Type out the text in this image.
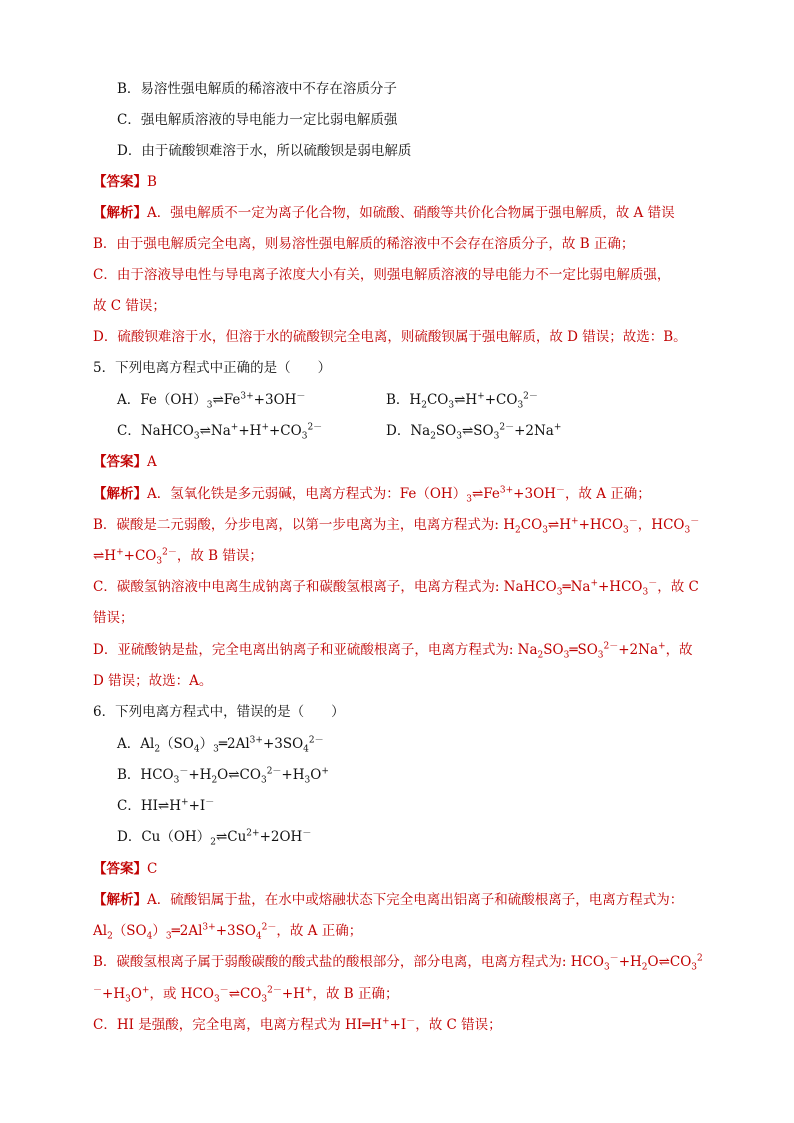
B．易溶性强电解质的稀溶液中不存在溶质分子
C．强电解质溶液的导电能力一定比弱电解质强
D．由于硫酸钡难溶于水，所以硫酸钡是弱电解质
【答案】B
【解析】A．强电解质不一定为离子化合物，如硫酸、硝酸等共价化合物属于强电解质，故 A 错误
B．由于强电解质完全电离，则易溶性强电解质的稀溶液中不会存在溶质分子，故 B 正确；
C．由于溶液导电性与导电离子浓度大小有关，则强电解质溶液的导电能力不一定比弱电解质强，
故 C 错误；
D．硫酸钡难溶于水，但溶于水的硫酸钡完全电离，则硫酸钡属于强电解质，故 D 错误；故选：B。
5．下列电离方程式中正确的是（　　）
A．$Fe(OH)_3\rightleftharpoons Fe^{3+}+3OH^-$	B．$H_2CO_3\rightleftharpoons H^++CO_3^{2-}$
C．$NaHCO_3\rightleftharpoons Na^++H^++CO_3^{2-}$	D．$Na_2SO_3\rightleftharpoons SO_3^{2-}+2Na^+$
【答案】A
【解析】A．氢氧化铁是多元弱碱，电离方程式为：$Fe(OH)_3\rightleftharpoons Fe^{3+}+3OH^-$，故 A 正确；
B．碳酸是二元弱酸，分步电离，以第一步电离为主，电离方程式为: $H_2CO_3\rightleftharpoons H^++HCO_3^-$，$HCO_3^-$
$\rightleftharpoons H^++CO_3^{2-}$，故 B 错误；
C．碳酸氢钠溶液中电离生成钠离子和碳酸氢根离子，电离方程式为: $NaHCO_3═Na^++HCO_3^-$，故 C
错误；
D．亚硫酸钠是盐，完全电离出钠离子和亚硫酸根离子，电离方程式为: $Na_2SO_3═SO_3^{2-}+2Na^+$，故
D 错误；故选：A。
6．下列电离方程式中，错误的是（　　）
A．$Al_2(SO_4)_3═2Al^{3+}+3SO_4^{2-}$
B．$HCO_3^-+H_2O\rightleftharpoons CO_3^{2-}+H_3O^+$
C．HI⇌H++I－
D．$Cu(OH)_2\rightleftharpoons Cu^{2+}+2OH^-$
【答案】C
【解析】A．硫酸铝属于盐，在水中或熔融状态下完全电离出铝离子和硫酸根离子，电离方程式为：
$Al_2(SO_4)_3═2Al^{3+}+3SO_4^{2-}$，故 A 正确；
B．碳酸氢根离子属于弱酸碳酸的酸式盐的酸根部分，部分电离，电离方程式为: $HCO_3^-+H_2O\rightleftharpoons CO_3^2$
$^-+H_3O^+$，或 $HCO_3^-\rightleftharpoons CO_3^{2-}+H^+$，故 B 正确；
C．HI 是强酸，完全电离，电离方程式为 HI═H++I－，故 C 错误；
